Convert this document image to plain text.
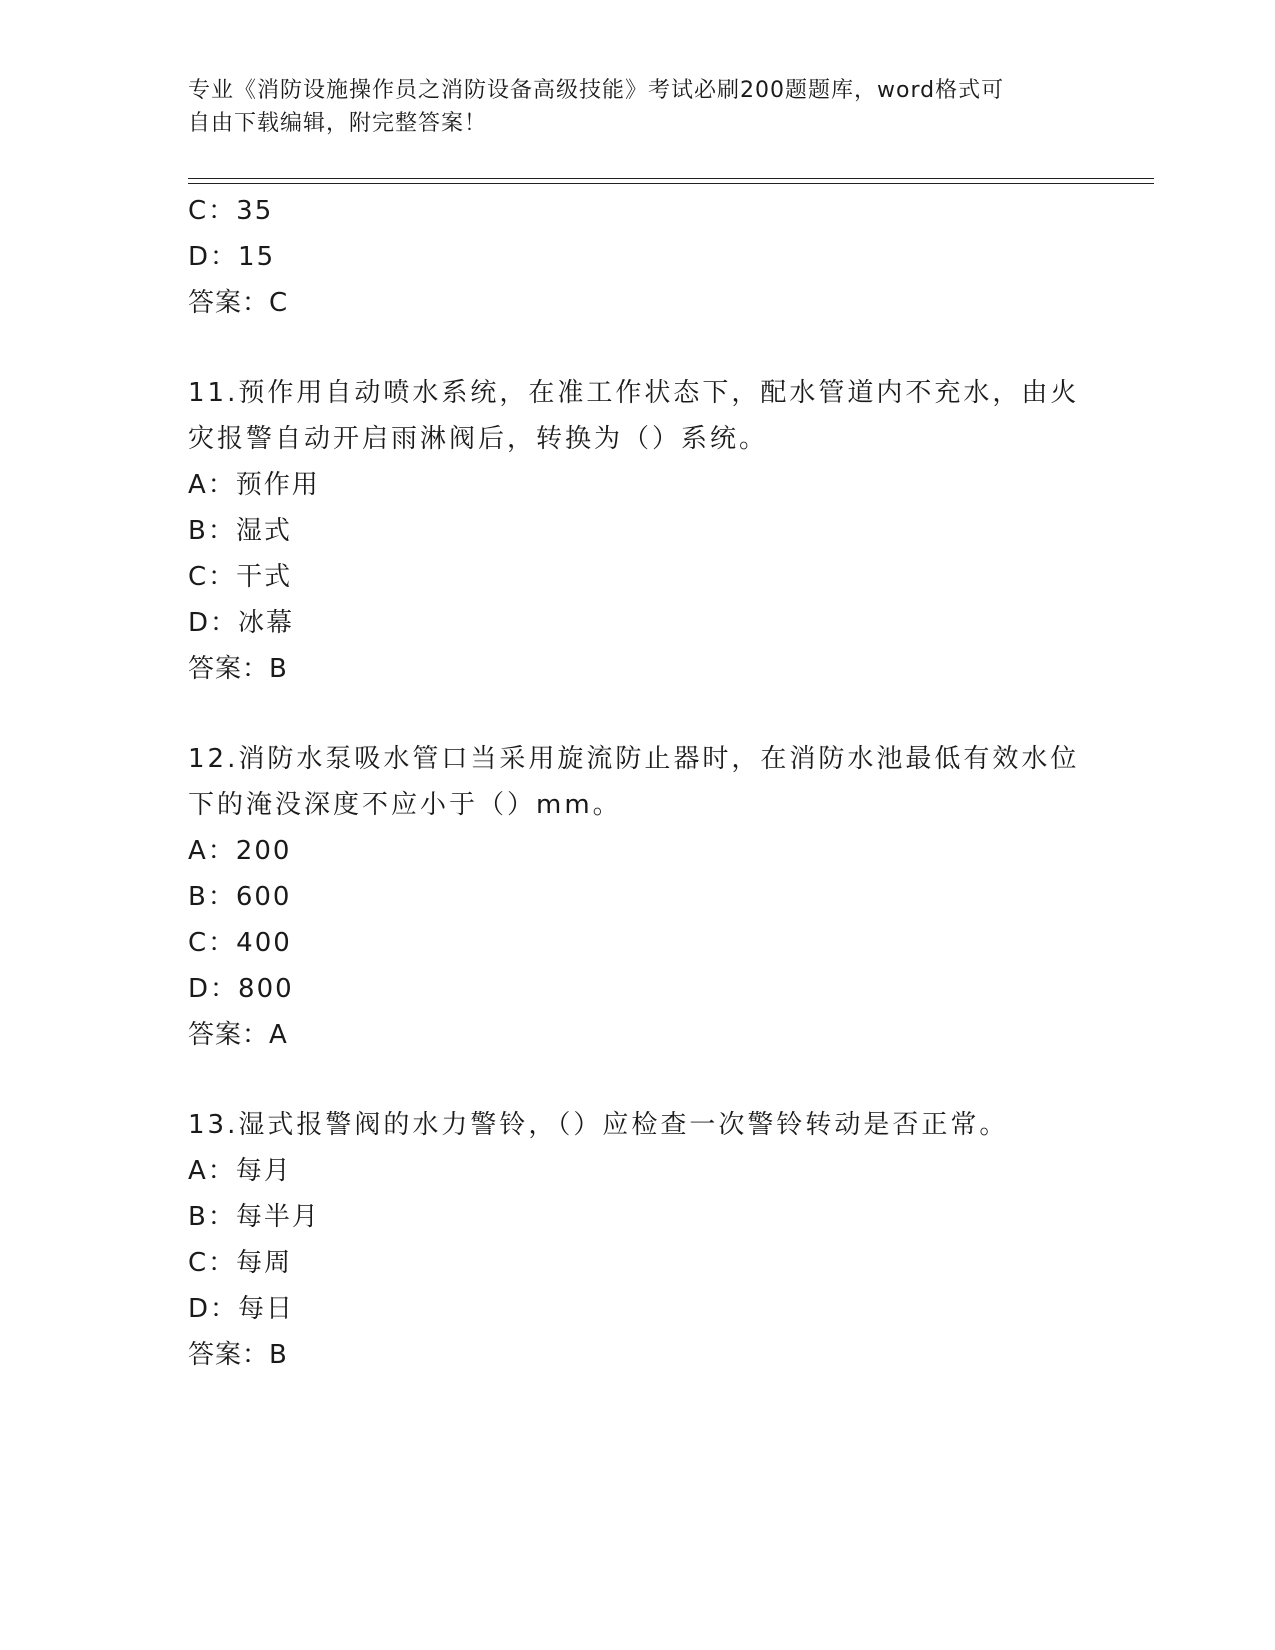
专业《消防设施操作员之消防设备高级技能》考试必刷200题题库，word格式可
自由下载编辑，附完整答案！
C：35
D：15
答案：C
11.预作用自动喷水系统，在准工作状态下，配水管道内不充水，由火
灾报警自动开启雨淋阀后，转换为（）系统。
A：预作用
B：湿式
C：干式
D：冰幕
答案：B
12.消防水泵吸水管口当采用旋流防止器时，在消防水池最低有效水位
下的淹没深度不应小于（）mm。
A：200
B：600
C：400
D：800
答案：A
13.湿式报警阀的水力警铃，（）应检查一次警铃转动是否正常。
A：每月
B：每半月
C：每周
D：每日
答案：B
